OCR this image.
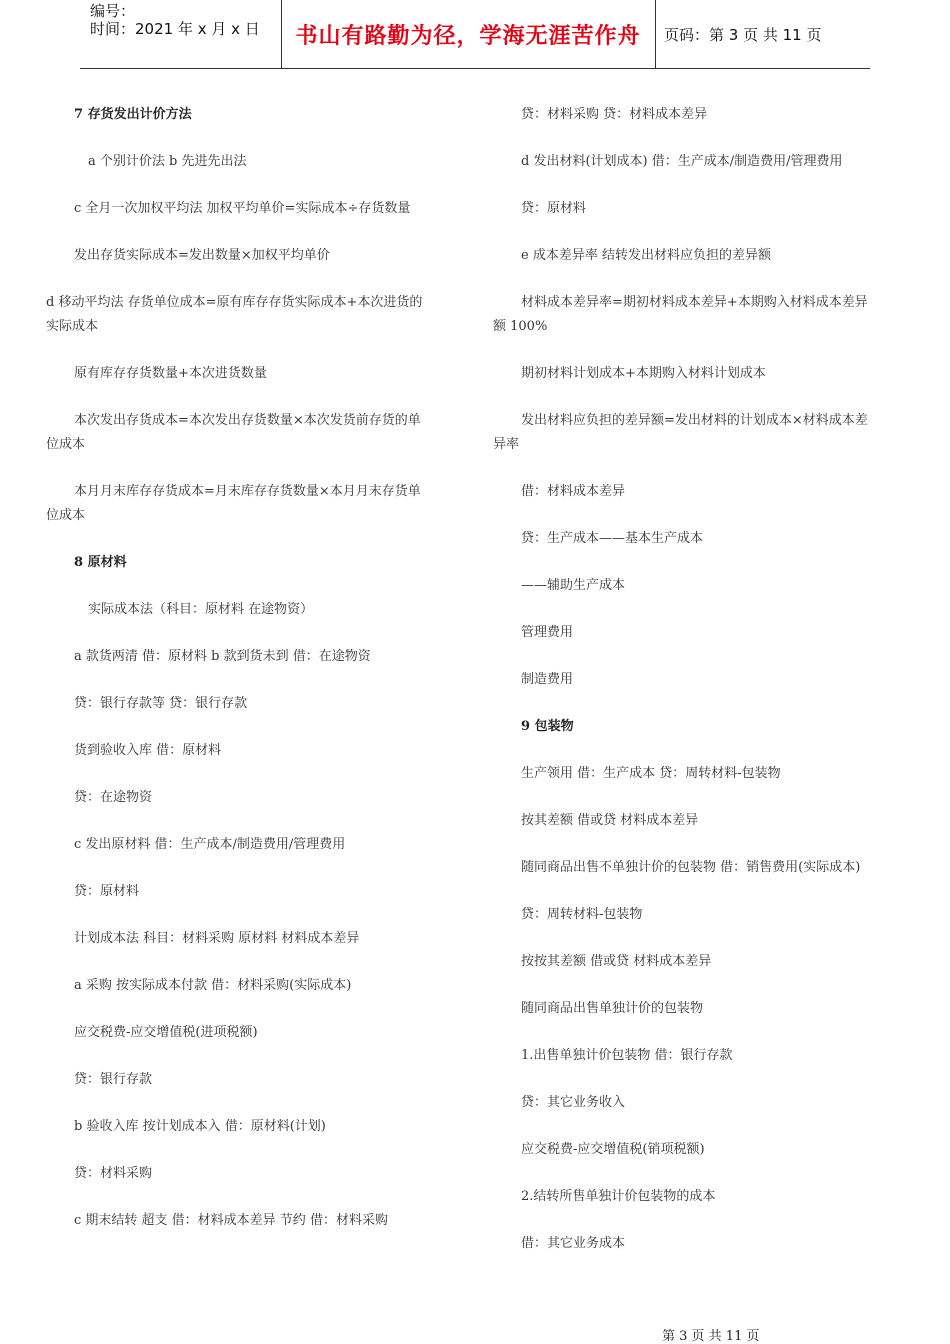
编号：
时间：2021 年 x 月 x 日	书山有路勤为径，学海无涯苦作舟	页码：第 3 页 共 11 页
7 存货发出计价方法
a 个别计价法 b 先进先出法
c 全月一次加权平均法 加权平均单价=实际成本÷存货数量
发出存货实际成本=发出数量×加权平均单价
d 移动平均法 存货单位成本=原有库存存货实际成本+本次进货的
实际成本
原有库存存货数量+本次进货数量
本次发出存货成本=本次发出存货数量×本次发货前存货的单
位成本
本月月末库存存货成本=月末库存存货数量×本月月末存货单
位成本
8 原材料
实际成本法（科目：原材料 在途物资）
a 款货两清 借：原材料 b 款到货未到 借：在途物资
贷：银行存款等 贷：银行存款
货到验收入库 借：原材料
贷：在途物资
c 发出原材料 借：生产成本/制造费用/管理费用
贷：原材料
计划成本法 科目：材料采购 原材料 材料成本差异
a 采购 按实际成本付款 借：材料采购(实际成本)
应交税费-应交增值税(进项税额)
贷：银行存款
b 验收入库 按计划成本入 借：原材料(计划)
贷：材料采购
c 期末结转 超支 借：材料成本差异 节约 借：材料采购
贷：材料采购 贷：材料成本差异
d 发出材料(计划成本) 借：生产成本/制造费用/管理费用
贷：原材料
e 成本差异率 结转发出材料应负担的差异额
材料成本差异率=期初材料成本差异+本期购入材料成本差异
额 100%
期初材料计划成本+本期购入材料计划成本
发出材料应负担的差异额=发出材料的计划成本×材料成本差
异率
借：材料成本差异
贷：生产成本——基本生产成本
——辅助生产成本
管理费用
制造费用
9 包装物
生产领用 借：生产成本 贷：周转材料-包装物
按其差额 借或贷 材料成本差异
随同商品出售不单独计价的包装物 借：销售费用(实际成本)
贷：周转材料-包装物
按按其差额 借或贷 材料成本差异
随同商品出售单独计价的包装物
1.出售单独计价包装物 借：银行存款
贷：其它业务收入
应交税费-应交增值税(销项税额)
2.结转所售单独计价包装物的成本
借：其它业务成本
第 3 页 共 11 页
